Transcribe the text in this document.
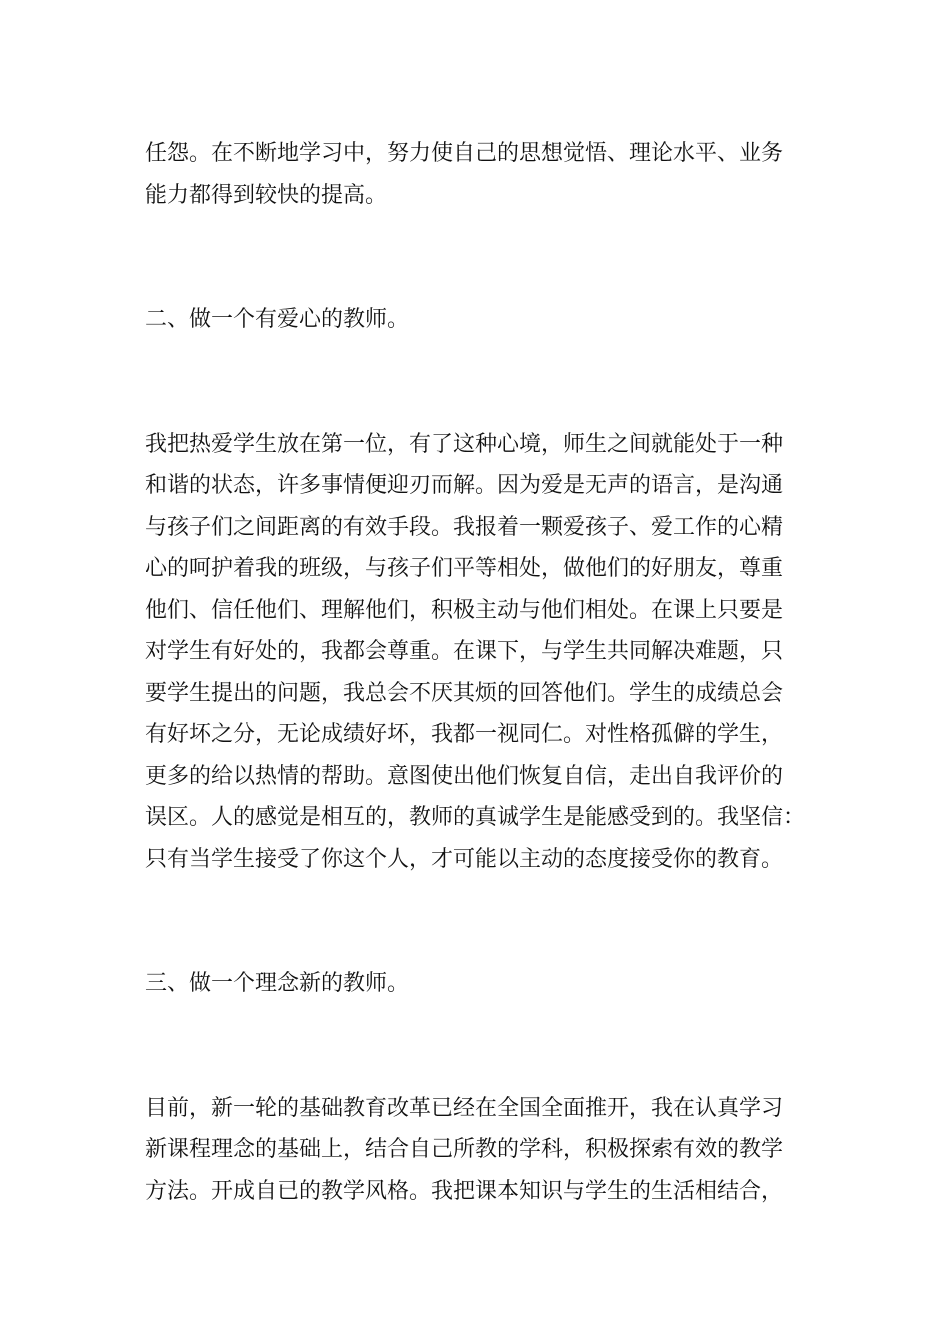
任怨。在不断地学习中，努力使自己的思想觉悟、理论水平、业务
能力都得到较快的提高。
二、做一个有爱心的教师。
我把热爱学生放在第一位，有了这种心境，师生之间就能处于一种
和谐的状态，许多事情便迎刃而解。因为爱是无声的语言，是沟通
与孩子们之间距离的有效手段。我报着一颗爱孩子、爱工作的心精
心的呵护着我的班级，与孩子们平等相处，做他们的好朋友，尊重
他们、信任他们、理解他们，积极主动与他们相处。在课上只要是
对学生有好处的，我都会尊重。在课下，与学生共同解决难题，只
要学生提出的问题，我总会不厌其烦的回答他们。学生的成绩总会
有好坏之分，无论成绩好坏，我都一视同仁。对性格孤僻的学生，
更多的给以热情的帮助。意图使出他们恢复自信，走出自我评价的
误区。人的感觉是相互的，教师的真诚学生是能感受到的。我坚信：
只有当学生接受了你这个人，才可能以主动的态度接受你的教育。
三、做一个理念新的教师。
目前，新一轮的基础教育改革已经在全国全面推开，我在认真学习
新课程理念的基础上，结合自己所教的学科，积极探索有效的教学
方法。开成自已的教学风格。我把课本知识与学生的生活相结合，
